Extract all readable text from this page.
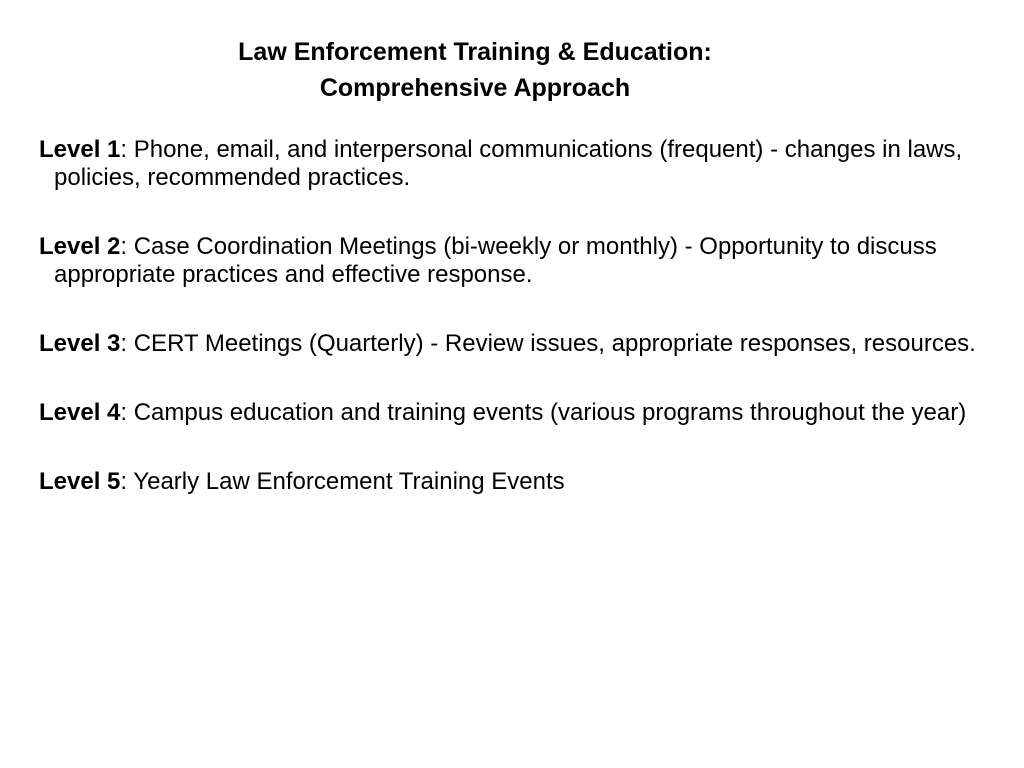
Law Enforcement Training & Education:
Comprehensive Approach
Level 1: Phone, email, and interpersonal communications (frequent) - changes in laws, policies, recommended practices.
Level 2: Case Coordination Meetings (bi-weekly or monthly) - Opportunity to discuss appropriate practices and effective response.
Level 3: CERT Meetings (Quarterly) - Review issues, appropriate responses, resources.
Level 4: Campus education and training events (various programs throughout the year)
Level 5: Yearly Law Enforcement Training Events
